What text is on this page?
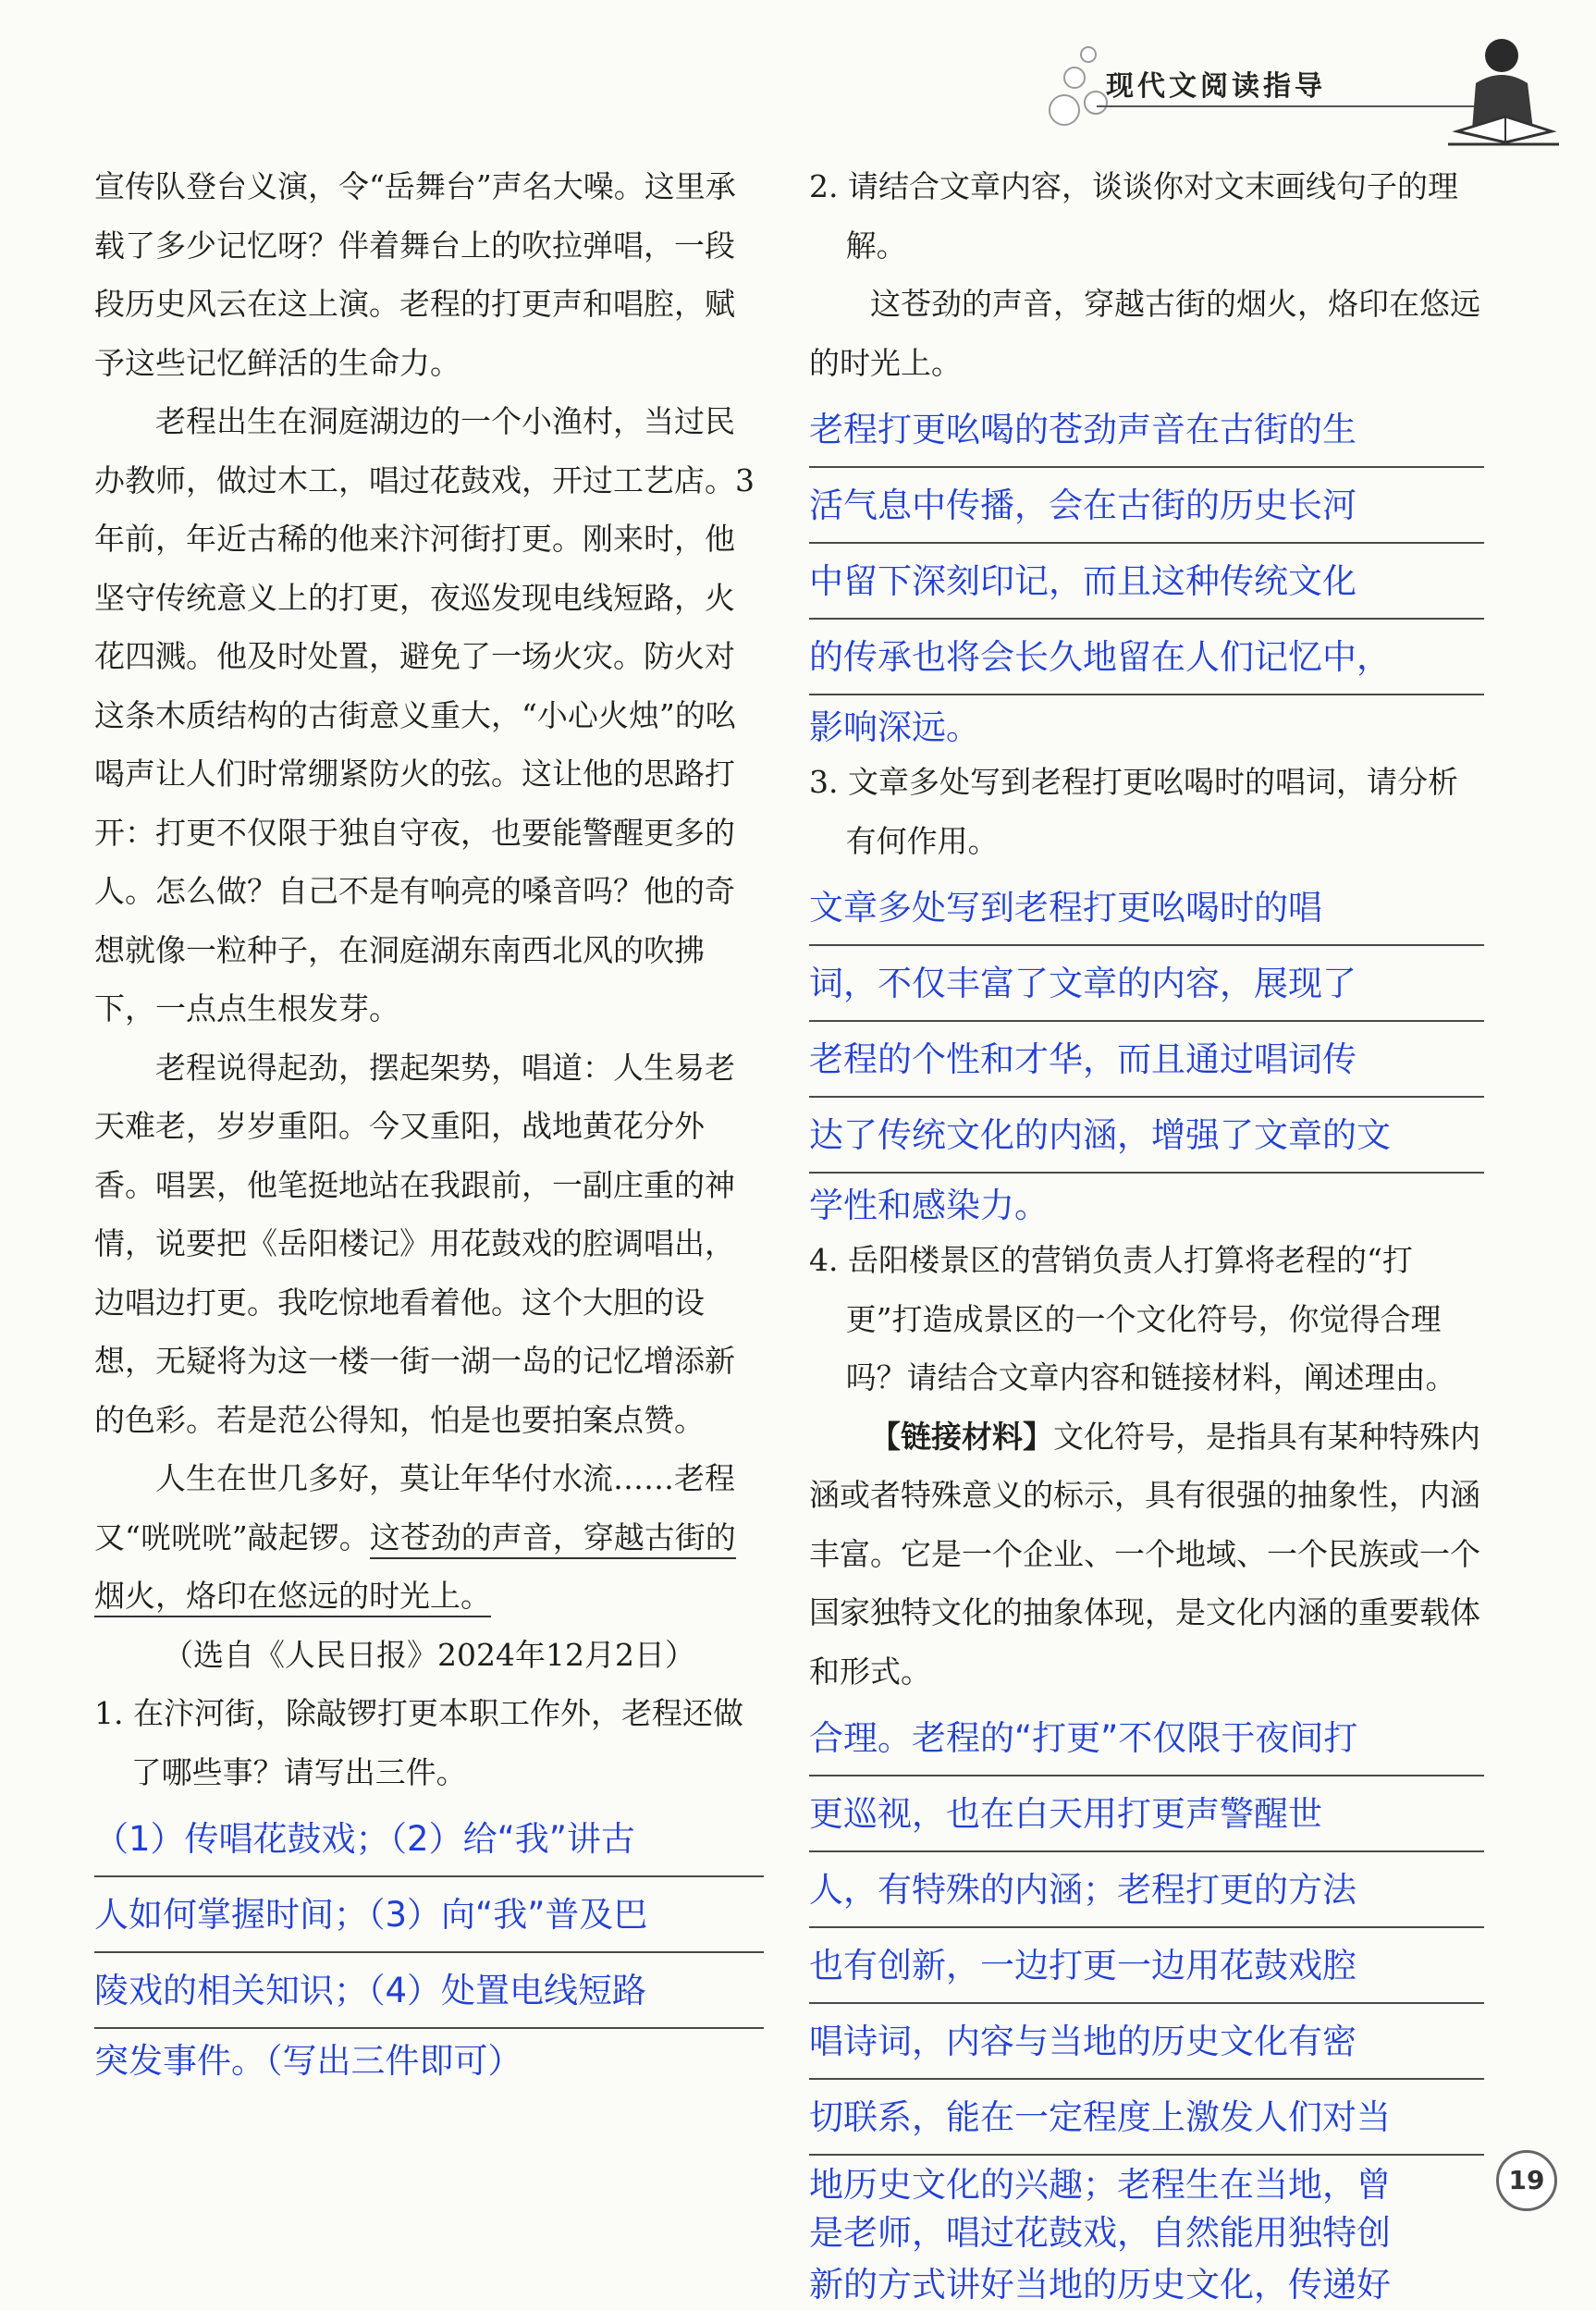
现代文阅读指导

宣传队登台义演，令“岳舞台”声名大噪。这里承载了多少记忆呀？伴着舞台上的吹拉弹唱，一段段历史风云在这上演。老程的打更声和唱腔，赋予这些记忆鲜活的生命力。

老程出生在洞庭湖边的一个小渔村，当过民办教师，做过木工，唱过花鼓戏，开过工艺店。3年前，年近古稀的他来汴河街打更。刚来时，他坚守传统意义上的打更，夜巡发现电线短路，火花四溅。他及时处置，避免了一场火灾。防火对这条木质结构的古街意义重大，“小心火烛”的吆喝声让人们时常绷紧防火的弦。这让他的思路打开：打更不仅限于独自守夜，也要能警醒更多的人。怎么做？自己不是有响亮的嗓音吗？他的奇想就像一粒种子，在洞庭湖东南西北风的吹拂下，一点点生根发芽。

老程说得起劲，摆起架势，唱道：人生易老天难老，岁岁重阳。今又重阳，战地黄花分外香。唱罢，他笔挺地站在我跟前，一副庄重的神情，说要把《岳阳楼记》用花鼓戏的腔调唱出，边唱边打更。我吃惊地看着他。这个大胆的设想，无疑将为这一楼一街一湖一岛的记忆增添新的色彩。若是范公得知，怕是也要拍案点赞。

人生在世几多好，莫让年华付水流……老程又“咣咣咣”敲起锣。这苍劲的声音，穿越古街的烟火，烙印在悠远的时光上。

（选自《人民日报》2024年12月2日）

1. 在汴河街，除敲锣打更本职工作外，老程还做了哪些事？请写出三件。

（1）传唱花鼓戏；（2）给“我”讲古
人如何掌握时间；（3）向“我”普及巴
陵戏的相关知识；（4）处置电线短路
突发事件。（写出三件即可）

2. 请结合文章内容，谈谈你对文末画线句子的理解。

这苍劲的声音，穿越古街的烟火，烙印在悠远的时光上。

老程打更吆喝的苍劲声音在古街的生
活气息中传播，会在古街的历史长河
中留下深刻印记，而且这种传统文化
的传承也将会长久地留在人们记忆中，
影响深远。

3. 文章多处写到老程打更吆喝时的唱词，请分析有何作用。

文章多处写到老程打更吆喝时的唱
词，不仅丰富了文章的内容，展现了
老程的个性和才华，而且通过唱词传
达了传统文化的内涵，增强了文章的文
学性和感染力。

4. 岳阳楼景区的营销负责人打算将老程的“打更”打造成景区的一个文化符号，你觉得合理吗？请结合文章内容和链接材料，阐述理由。

【链接材料】文化符号，是指具有某种特殊内涵或者特殊意义的标示，具有很强的抽象性，内涵丰富。它是一个企业、一个地域、一个民族或一个国家独特文化的抽象体现，是文化内涵的重要载体和形式。

合理。老程的“打更”不仅限于夜间打
更巡视，也在白天用打更声警醒世
人，有特殊的内涵；老程打更的方法
也有创新，一边打更一边用花鼓戏腔
唱诗词，内容与当地的历史文化有密
切联系，能在一定程度上激发人们对当
地历史文化的兴趣；老程生在当地，曾
是老师，唱过花鼓戏，自然能用独特创
新的方式讲好当地的历史文化，传递好
19
